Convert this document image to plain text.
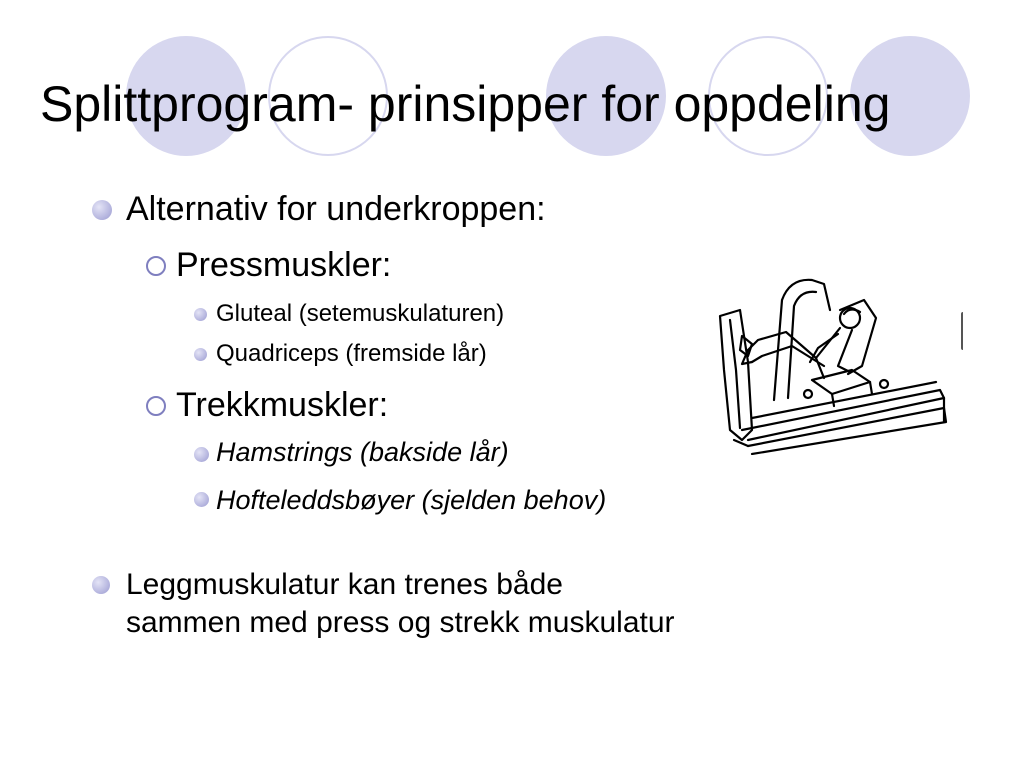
Splittprogram- prinsipper for oppdeling
Alternativ for underkroppen:
Pressmuskler:
Gluteal (setemuskulaturen)
Quadriceps (fremside lår)
Trekkmuskler:
Hamstrings (bakside lår)
Hofteleddsbøyer (sjelden behov)
Leggmuskulatur kan trenes både sammen med press og strekk muskulatur
